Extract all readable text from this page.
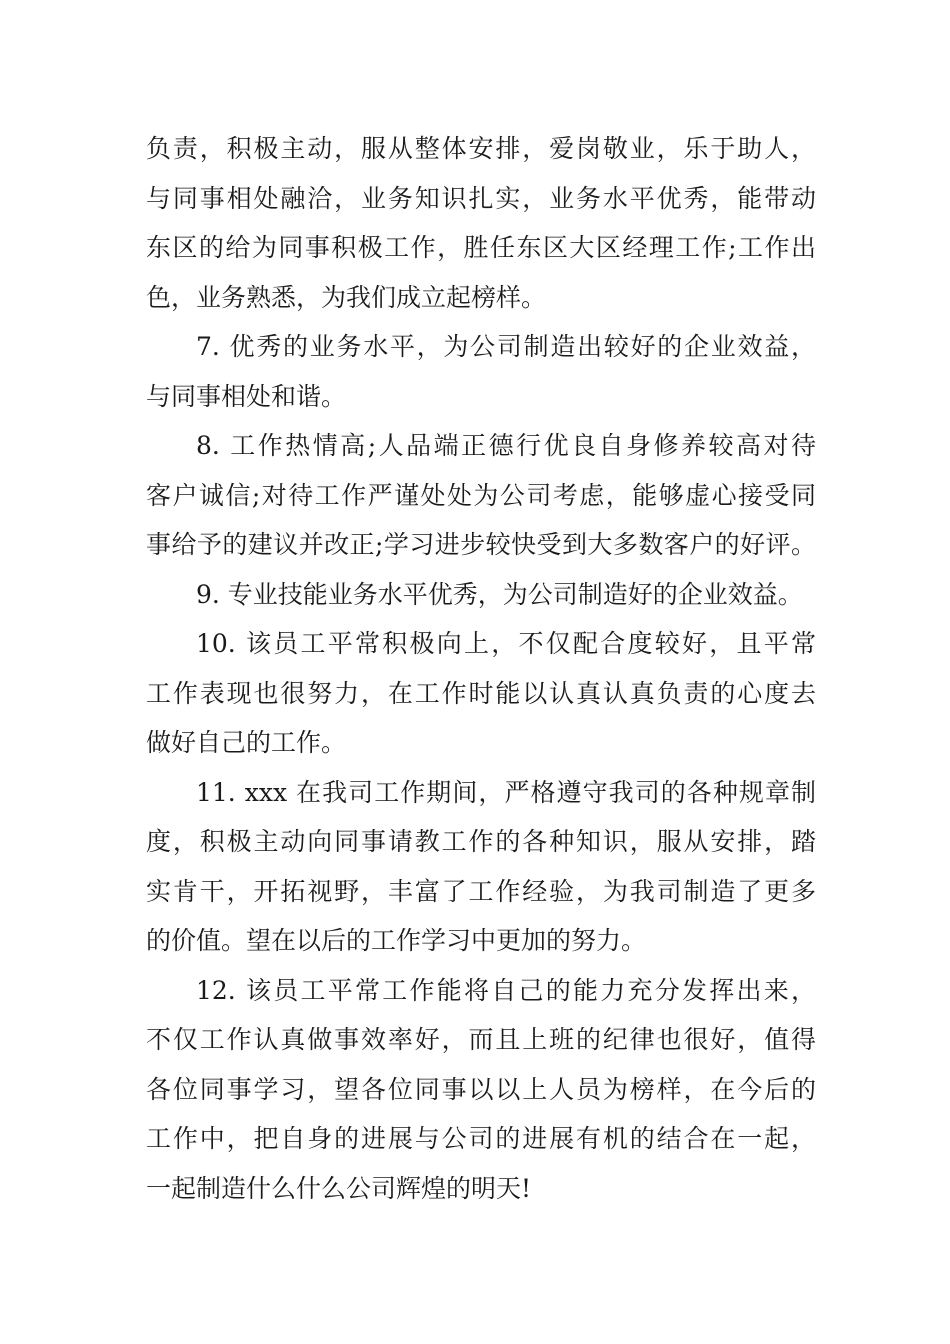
负责，积极主动，服从整体安排，爱岗敬业，乐于助人，
与同事相处融洽，业务知识扎实，业务水平优秀，能带动
东区的给为同事积极工作，胜任东区大区经理工作;工作出
色，业务熟悉，为我们成立起榜样。
7. 优秀的业务水平，为公司制造出较好的企业效益，
与同事相处和谐。
8. 工作热情高;人品端正德行优良自身修养较高对待
客户诚信;对待工作严谨处处为公司考虑，能够虚心接受同
事给予的建议并改正;学习进步较快受到大多数客户的好评。
9. 专业技能业务水平优秀，为公司制造好的企业效益。
10. 该员工平常积极向上，不仅配合度较好，且平常
工作表现也很努力，在工作时能以认真认真负责的心度去
做好自己的工作。
11. xxx 在我司工作期间，严格遵守我司的各种规章制
度，积极主动向同事请教工作的各种知识，服从安排，踏
实肯干，开拓视野，丰富了工作经验，为我司制造了更多
的价值。望在以后的工作学习中更加的努力。
12. 该员工平常工作能将自己的能力充分发挥出来，
不仅工作认真做事效率好，而且上班的纪律也很好，值得
各位同事学习，望各位同事以以上人员为榜样，在今后的
工作中，把自身的进展与公司的进展有机的结合在一起，
一起制造什么什么公司辉煌的明天!
